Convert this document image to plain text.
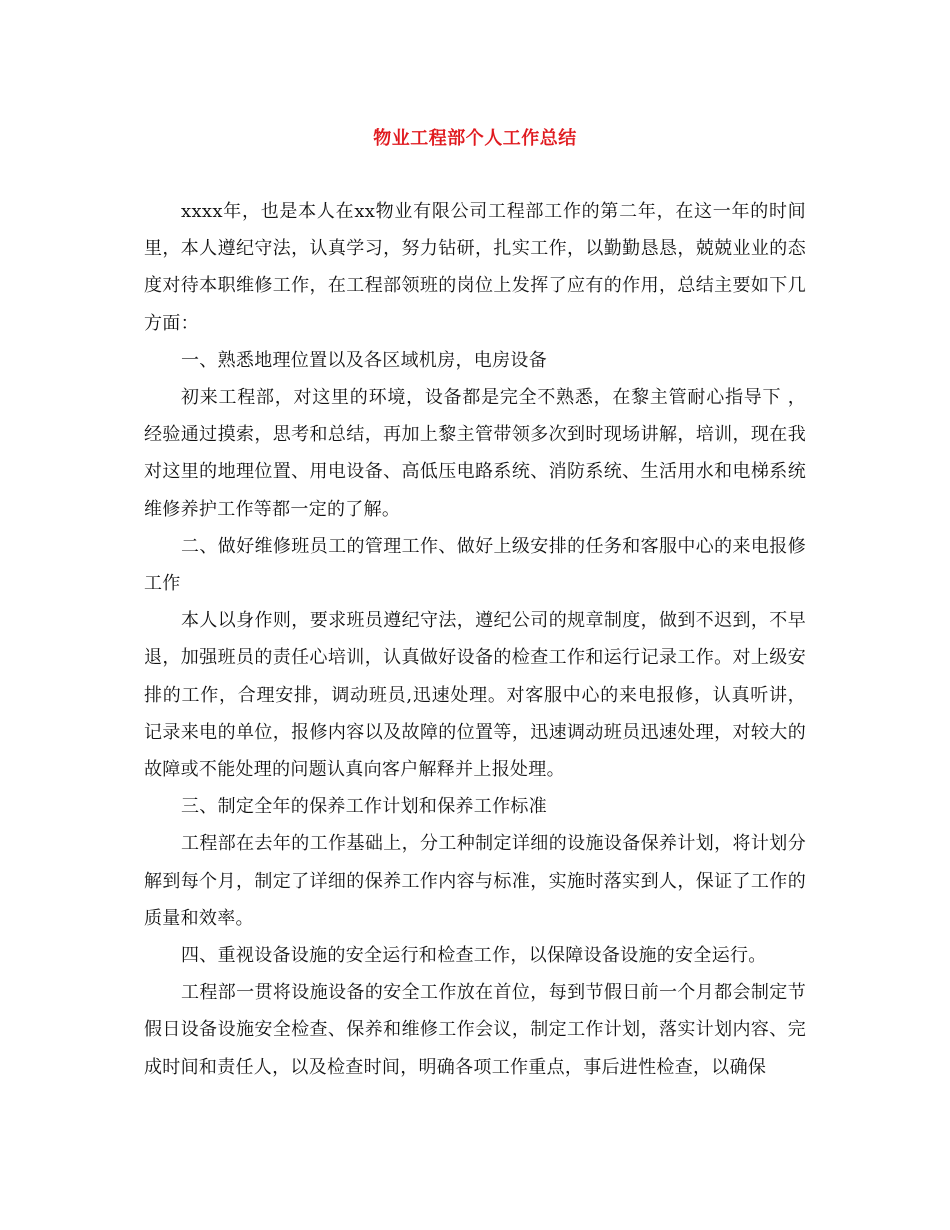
物业工程部个人工作总结

xxxx年，也是本人在xx物业有限公司工程部工作的第二年，在这一年的时间里，本人遵纪守法，认真学习，努力钻研，扎实工作，以勤勤恳恳，兢兢业业的态度对待本职维修工作，在工程部领班的岗位上发挥了应有的作用，总结主要如下几方面：

一、熟悉地理位置以及各区域机房，电房设备

初来工程部，对这里的环境，设备都是完全不熟悉，在黎主管耐心指导下 ，经验通过摸索，思考和总结，再加上黎主管带领多次到时现场讲解，培训，现在我对这里的地理位置、用电设备、高低压电路系统、消防系统、生活用水和电梯系统维修养护工作等都一定的了解。

二、做好维修班员工的管理工作、做好上级安排的任务和客服中心的来电报修工作

本人以身作则，要求班员遵纪守法，遵纪公司的规章制度，做到不迟到，不早退，加强班员的责任心培训，认真做好设备的检查工作和运行记录工作。对上级安排的工作，合理安排，调动班员,迅速处理。对客服中心的来电报修，认真听讲，记录来电的单位，报修内容以及故障的位置等，迅速调动班员迅速处理，对较大的故障或不能处理的问题认真向客户解释并上报处理。

三、制定全年的保养工作计划和保养工作标准

工程部在去年的工作基础上，分工种制定详细的设施设备保养计划，将计划分解到每个月，制定了详细的保养工作内容与标准，实施时落实到人，保证了工作的质量和效率。

四、重视设备设施的安全运行和检查工作，以保障设备设施的安全运行。

工程部一贯将设施设备的安全工作放在首位，每到节假日前一个月都会制定节假日设备设施安全检查、保养和维修工作会议，制定工作计划，落实计划内容、完成时间和责任人，以及检查时间，明确各项工作重点，事后进性检查，以确保
